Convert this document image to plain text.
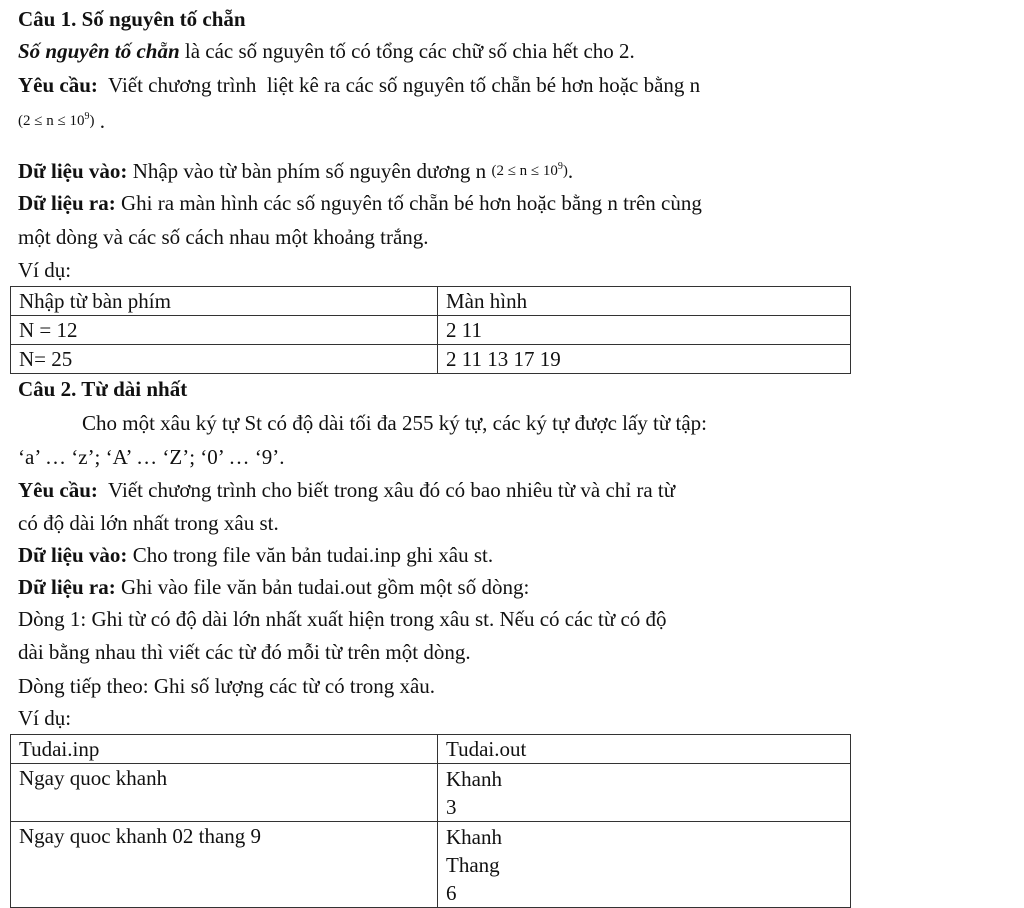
Câu 1. Số nguyên tố chẵn
Số nguyên tố chẵn là các số nguyên tố có tổng các chữ số chia hết cho 2.
Yêu cầu:  Viết chương trình  liệt kê ra các số nguyên tố chẵn bé hơn hoặc bằng n
$(2 \le n \le 10^9)$ .
Dữ liệu vào: Nhập vào từ bàn phím số nguyên dương n $(2 \le n \le 10^9)$.
Dữ liệu ra: Ghi ra màn hình các số nguyên tố chẵn bé hơn hoặc bằng n trên cùng
một dòng và các số cách nhau một khoảng trắng.
Ví dụ:
Nhập từ bàn phím	Màn hình
N = 12	2 11
N= 25	2 11 13 17 19
Câu 2. Từ dài nhất
Cho một xâu ký tự St có độ dài tối đa 255 ký tự, các ký tự được lấy từ tập:
‘a’ … ‘z’; ‘A’ … ‘Z’; ‘0’ … ‘9’.
Yêu cầu:  Viết chương trình cho biết trong xâu đó có bao nhiêu từ và chỉ ra từ
có độ dài lớn nhất trong xâu st.
Dữ liệu vào: Cho trong file văn bản tudai.inp ghi xâu st.
Dữ liệu ra: Ghi vào file văn bản tudai.out gồm một số dòng:
Dòng 1: Ghi từ có độ dài lớn nhất xuất hiện trong xâu st. Nếu có các từ có độ
dài bằng nhau thì viết các từ đó mỗi từ trên một dòng.
Dòng tiếp theo: Ghi số lượng các từ có trong xâu.
Ví dụ:
Tudai.inp	Tudai.out
Ngay quoc khanh	Khanh
3

Ngay quoc khanh 02 thang 9	Khanh
Thang
6
